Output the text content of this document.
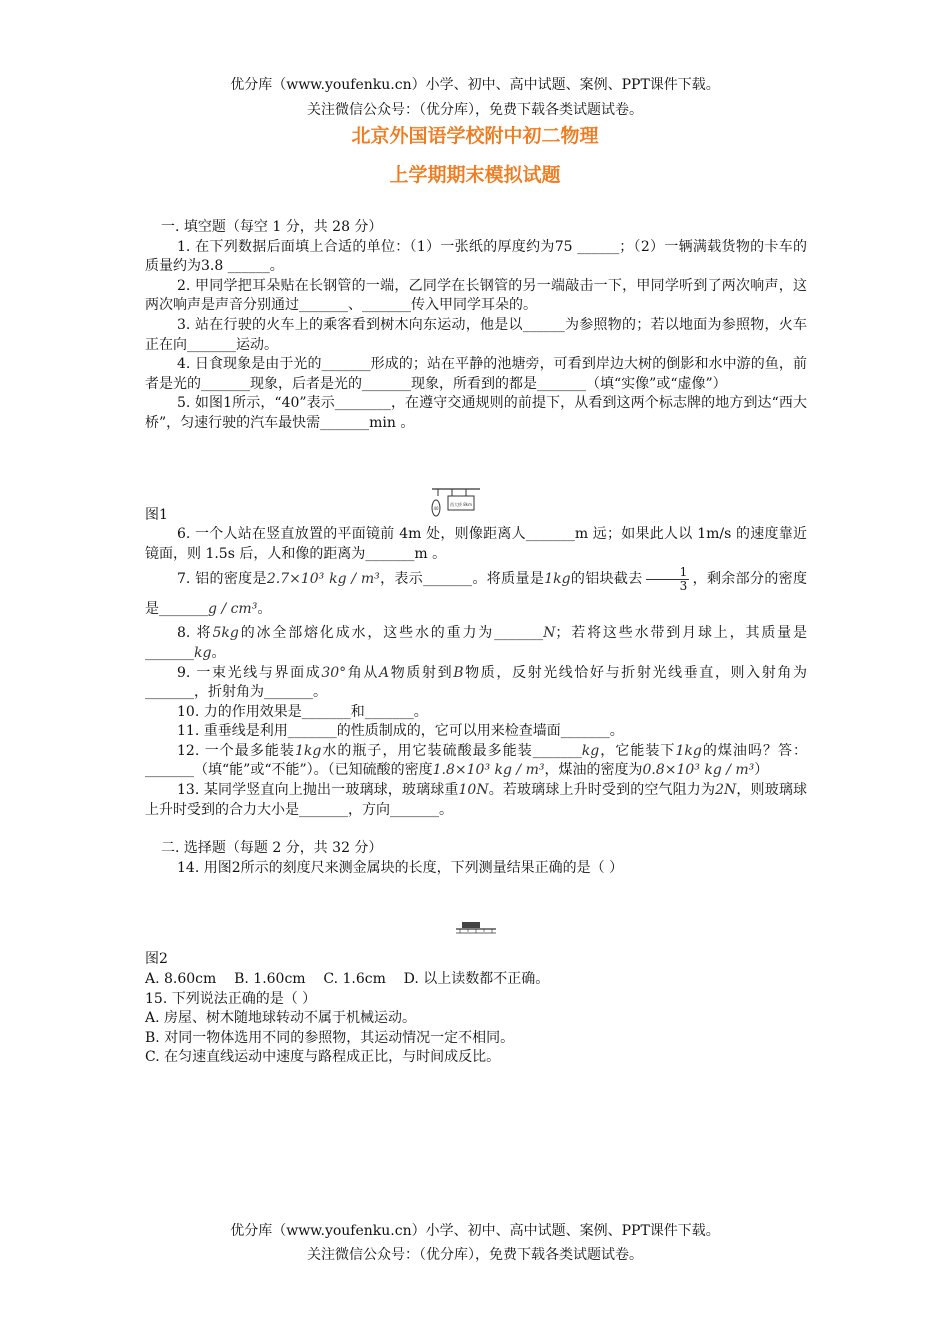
优分库（www.youfenku.cn）小学、初中、高中试题、案例、PPT课件下载。
关注微信公众号：（优分库），免费下载各类试题试卷。
北京外国语学校附中初二物理
上学期期末模拟试题

一. 填空题（每空 1 分，共 28 分）

1. 在下列数据后面填上合适的单位：（1）一张纸的厚度约为75 ______；（2）一辆满载货物的卡车的质量约为3.8 ______。

2. 甲同学把耳朵贴在长钢管的一端，乙同学在长钢管的另一端敲击一下，甲同学听到了两次响声，这两次响声是声音分别通过_______、_______传入甲同学耳朵的。

3. 站在行驶的火车上的乘客看到树木向东运动，他是以______为参照物的；若以地面为参照物，火车正在向_______运动。

4. 日食现象是由于光的_______形成的；站在平静的池塘旁，可看到岸边大树的倒影和水中游的鱼，前者是光的_______现象，后者是光的_______现象，所看到的都是_______（填“实像”或“虚像”）

5. 如图1所示，“40”表示________，在遵守交通规则的前提下，从看到这两个标志牌的地方到达“西大桥”，匀速行驶的汽车最快需_______min 。

西大桥 8km
40

图1

6. 一个人站在竖直放置的平面镜前 4m 处，则像距离人_______m 远；如果此人以 1m/s 的速度靠近镜面，则 1.5s 后，人和像的距离为_______m 。

7. 铝的密度是2.7×10³ kg / m³，表示_______。将质量是1kg的铝块截去 $\frac{1}{3}$ ，剩余部分的密度是_______g / cm³。

8. 将5kg的冰全部熔化成水，这些水的重力为_______N；若将这些水带到月球上，其质量是_______kg。

9. 一束光线与界面成30°角从A物质射到B物质，反射光线恰好与折射光线垂直，则入射角为_______，折射角为_______。

10. 力的作用效果是_______和_______。

11. 重垂线是利用_______的性质制成的，它可以用来检查墙面_______。

12. 一个最多能装1kg水的瓶子，用它装硫酸最多能装_______kg，它能装下1kg的煤油吗？答：_______（填“能”或“不能”）。（已知硫酸的密度1.8×10³ kg / m³，煤油的密度为0.8×10³ kg / m³）

13. 某同学竖直向上抛出一玻璃球，玻璃球重10N。若玻璃球上升时受到的空气阻力为2N，则玻璃球上升时受到的合力大小是_______，方向_______。

二. 选择题（每题 2 分，共 32 分）

14. 用图2所示的刻度尺来测金属块的长度，下列测量结果正确的是（ ）

图2

A. 8.60cm    B. 1.60cm    C. 1.6cm    D. 以上读数都不正确。

15. 下列说法正确的是（ ）

A. 房屋、树木随地球转动不属于机械运动。

B. 对同一物体选用不同的参照物，其运动情况一定不相同。

C. 在匀速直线运动中速度与路程成正比，与时间成反比。

优分库（www.youfenku.cn）小学、初中、高中试题、案例、PPT课件下载。
关注微信公众号：（优分库），免费下载各类试题试卷。
